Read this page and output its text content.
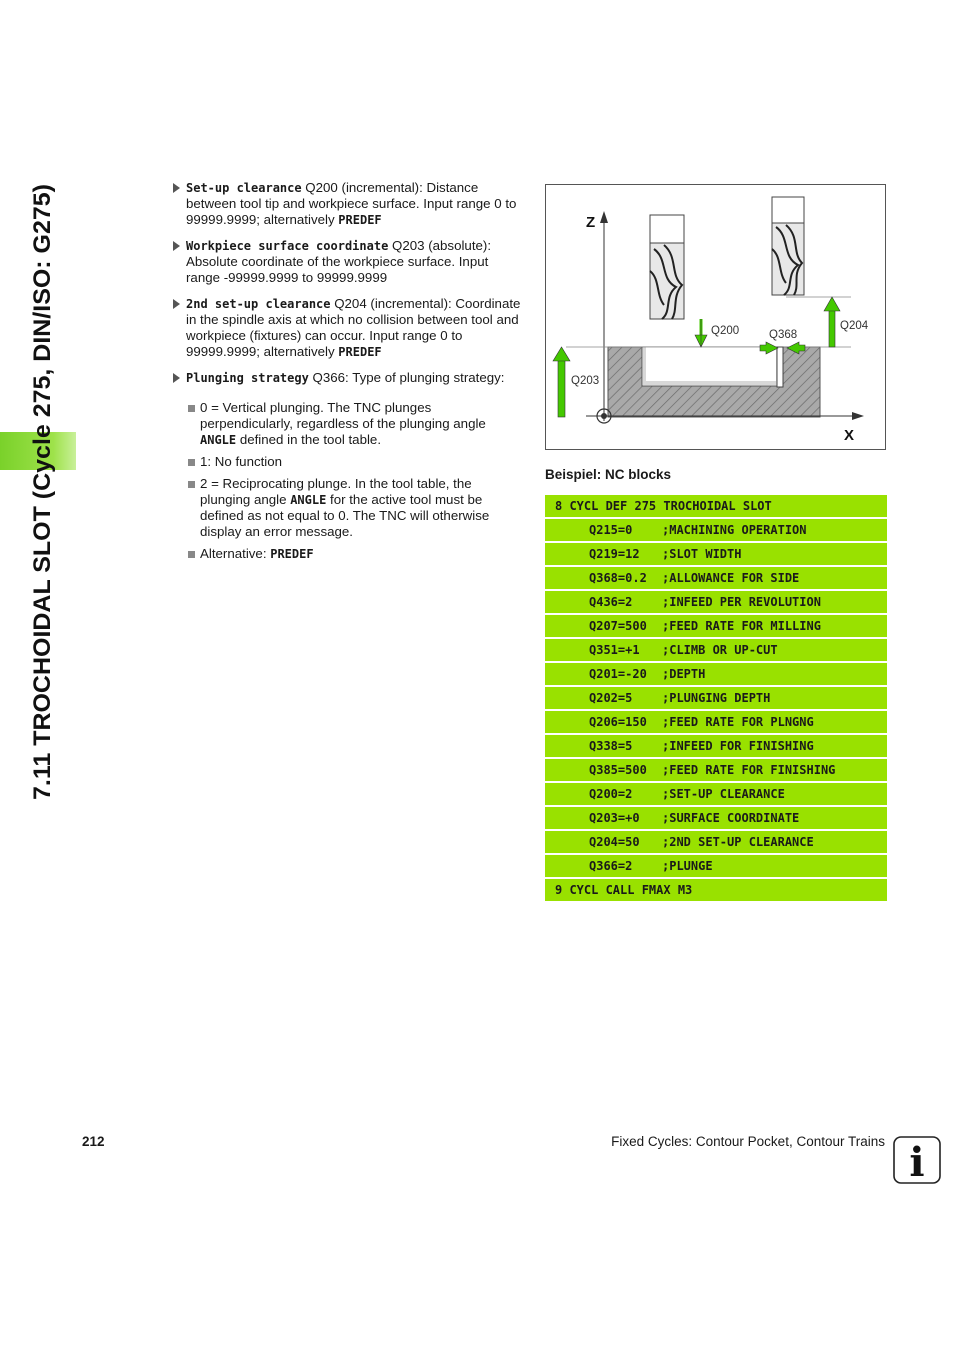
7.11 TROCHOIDAL SLOT (Cycle 275, DIN/ISO: G275)
Set-up clearance Q200 (incremental): Distance between tool tip and workpiece surface. Input range 0 to 99999.9999; alternatively PREDEF
Workpiece surface coordinate Q203 (absolute): Absolute coordinate of the workpiece surface. Input range -99999.9999 to 99999.9999
2nd set-up clearance Q204 (incremental): Coordinate in the spindle axis at which no collision between tool and workpiece (fixtures) can occur. Input range 0 to 99999.9999; alternatively PREDEF
Plunging strategy Q366: Type of plunging strategy:
0 = Vertical plunging. The TNC plunges perpendicularly, regardless of the plunging angle ANGLE defined in the tool table.
1: No function
2 = Reciprocating plunge. In the tool table, the plunging angle ANGLE for the active tool must be defined as not equal to 0. The TNC will otherwise display an error message.
Alternative: PREDEF
Z
X
Q200	Q368
Q204
Q203
Beispiel: NC blocks
8 CYCL DEF 275 TROCHOIDAL SLOT
Q215=0 ;MACHINING OPERATION
Q219=12 ;SLOT WIDTH
Q368=0.2 ;ALLOWANCE FOR SIDE
Q436=2 ;INFEED PER REVOLUTION
Q207=500 ;FEED RATE FOR MILLING
Q351=+1 ;CLIMB OR UP-CUT
Q201=-20 ;DEPTH
Q202=5 ;PLUNGING DEPTH
Q206=150 ;FEED RATE FOR PLNGNG
Q338=5 ;INFEED FOR FINISHING
Q385=500 ;FEED RATE FOR FINISHING
Q200=2 ;SET-UP CLEARANCE
Q203=+0 ;SURFACE COORDINATE
Q204=50 ;2ND SET-UP CLEARANCE
Q366=2 ;PLUNGE
9 CYCL CALL FMAX M3
212	Fixed Cycles: Contour Pocket, Contour Trains i
